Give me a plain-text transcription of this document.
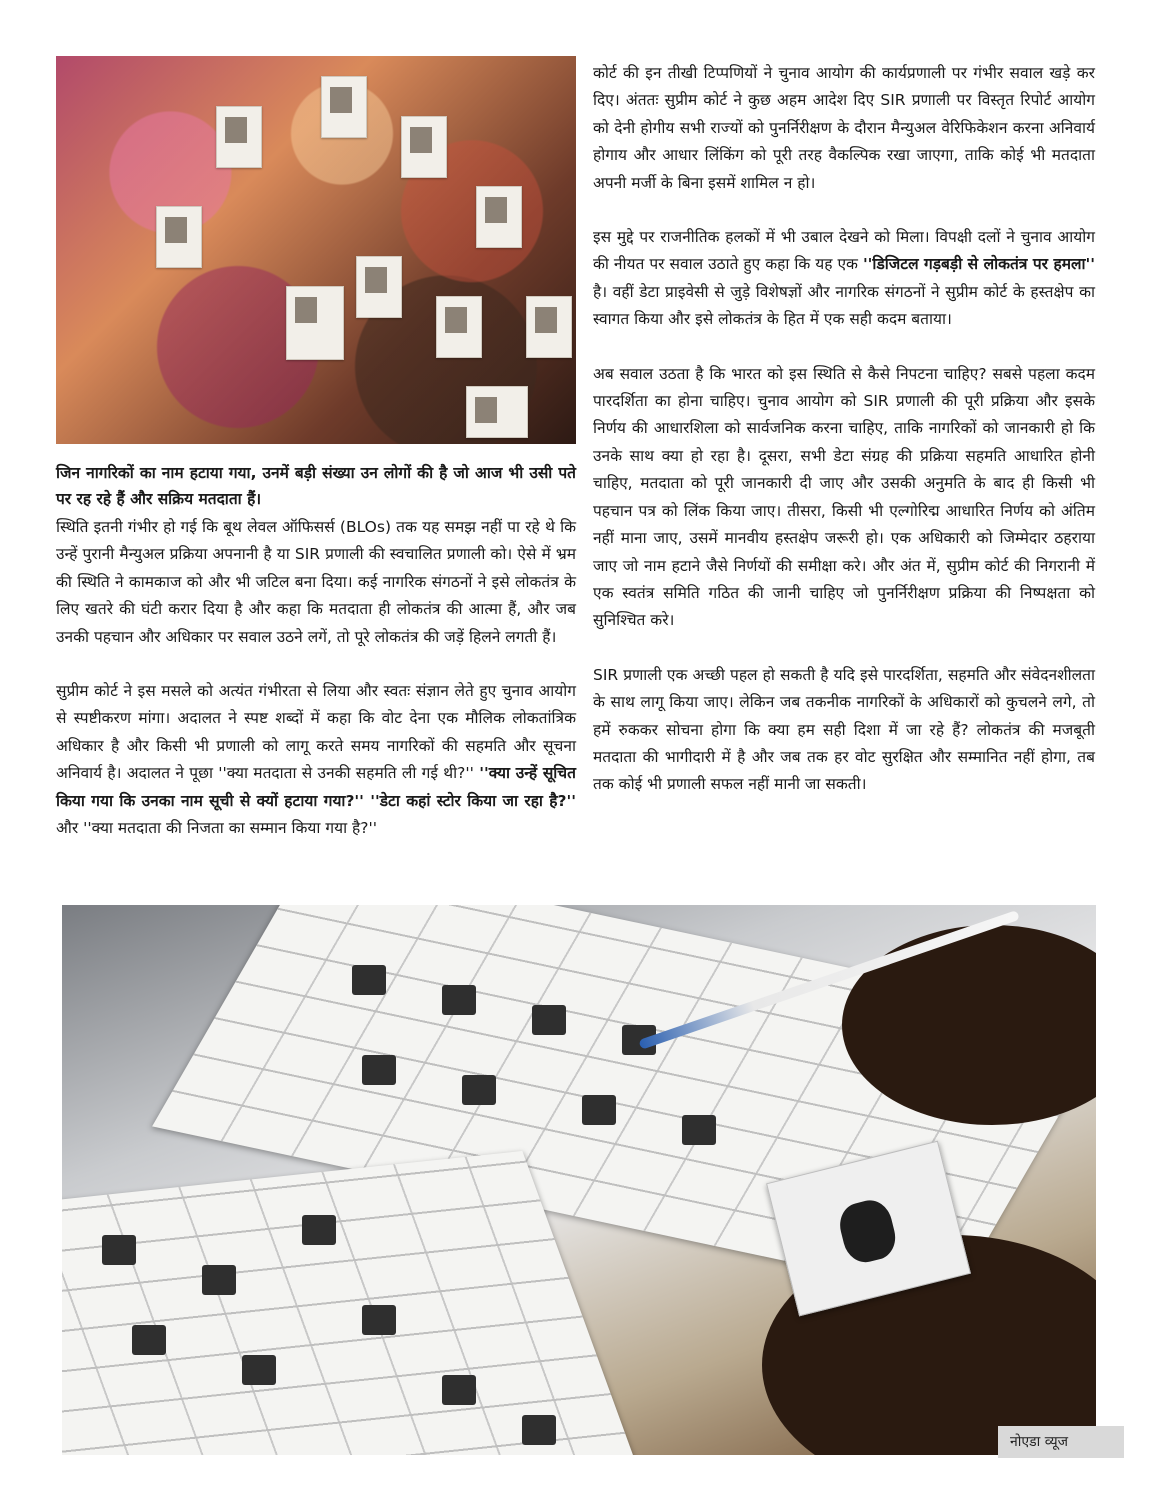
जिन नागरिकों का नाम हटाया गया, उनमें बड़ी संख्या उन लोगों की है जो आज भी उसी पते पर रह रहे हैं और सक्रिय मतदाता हैं।

स्थिति इतनी गंभीर हो गई कि बूथ लेवल ऑफिसर्स (BLOs) तक यह समझ नहीं पा रहे थे कि उन्हें पुरानी मैन्युअल प्रक्रिया अपनानी है या SIR प्रणाली की स्वचालित प्रणाली को। ऐसे में भ्रम की स्थिति ने कामकाज को और भी जटिल बना दिया। कई नागरिक संगठनों ने इसे लोकतंत्र के लिए खतरे की घंटी करार दिया है और कहा कि मतदाता ही लोकतंत्र की आत्मा हैं, और जब उनकी पहचान और अधिकार पर सवाल उठने लगें, तो पूरे लोकतंत्र की जड़ें हिलने लगती हैं।

सुप्रीम कोर्ट ने इस मसले को अत्यंत गंभीरता से लिया और स्वतः संज्ञान लेते हुए चुनाव आयोग से स्पष्टीकरण मांगा। अदालत ने स्पष्ट शब्दों में कहा कि वोट देना एक मौलिक लोकतांत्रिक अधिकार है और किसी भी प्रणाली को लागू करते समय नागरिकों की सहमति और सूचना अनिवार्य है। अदालत ने पूछा ''क्या मतदाता से उनकी सहमति ली गई थी?'' ''क्या उन्हें सूचित किया गया कि उनका नाम सूची से क्यों हटाया गया?'' ''डेटा कहां स्टोर किया जा रहा है?'' और ''क्या मतदाता की निजता का सम्मान किया गया है?''

कोर्ट की इन तीखी टिप्पणियों ने चुनाव आयोग की कार्यप्रणाली पर गंभीर सवाल खड़े कर दिए। अंततः सुप्रीम कोर्ट ने कुछ अहम आदेश दिए SIR प्रणाली पर विस्तृत रिपोर्ट आयोग को देनी होगीय सभी राज्यों को पुनर्निरीक्षण के दौरान मैन्युअल वेरिफिकेशन करना अनिवार्य होगाय और आधार लिंकिंग को पूरी तरह वैकल्पिक रखा जाएगा, ताकि कोई भी मतदाता अपनी मर्जी के बिना इसमें शामिल न हो।

इस मुद्दे पर राजनीतिक हलकों में भी उबाल देखने को मिला। विपक्षी दलों ने चुनाव आयोग की नीयत पर सवाल उठाते हुए कहा कि यह एक ''डिजिटल गड़बड़ी से लोकतंत्र पर हमला'' है। वहीं डेटा प्राइवेसी से जुड़े विशेषज्ञों और नागरिक संगठनों ने सुप्रीम कोर्ट के हस्तक्षेप का स्वागत किया और इसे लोकतंत्र के हित में एक सही कदम बताया।

अब सवाल उठता है कि भारत को इस स्थिति से कैसे निपटना चाहिए? सबसे पहला कदम पारदर्शिता का होना चाहिए। चुनाव आयोग को SIR प्रणाली की पूरी प्रक्रिया और इसके निर्णय की आधारशिला को सार्वजनिक करना चाहिए, ताकि नागरिकों को जानकारी हो कि उनके साथ क्या हो रहा है। दूसरा, सभी डेटा संग्रह की प्रक्रिया सहमति आधारित होनी चाहिए, मतदाता को पूरी जानकारी दी जाए और उसकी अनुमति के बाद ही किसी भी पहचान पत्र को लिंक किया जाए। तीसरा, किसी भी एल्गोरिद्म आधारित निर्णय को अंतिम नहीं माना जाए, उसमें मानवीय हस्तक्षेप जरूरी हो। एक अधिकारी को जिम्मेदार ठहराया जाए जो नाम हटाने जैसे निर्णयों की समीक्षा करे। और अंत में, सुप्रीम कोर्ट की निगरानी में एक स्वतंत्र समिति गठित की जानी चाहिए जो पुनर्निरीक्षण प्रक्रिया की निष्पक्षता को सुनिश्चित करे।

SIR प्रणाली एक अच्छी पहल हो सकती है यदि इसे पारदर्शिता, सहमति और संवेदनशीलता के साथ लागू किया जाए। लेकिन जब तकनीक नागरिकों के अधिकारों को कुचलने लगे, तो हमें रुककर सोचना होगा कि क्या हम सही दिशा में जा रहे हैं? लोकतंत्र की मजबूती मतदाता की भागीदारी में है और जब तक हर वोट सुरक्षित और सम्मानित नहीं होगा, तब तक कोई भी प्रणाली सफल नहीं मानी जा सकती।

नोएडा व्यूज
